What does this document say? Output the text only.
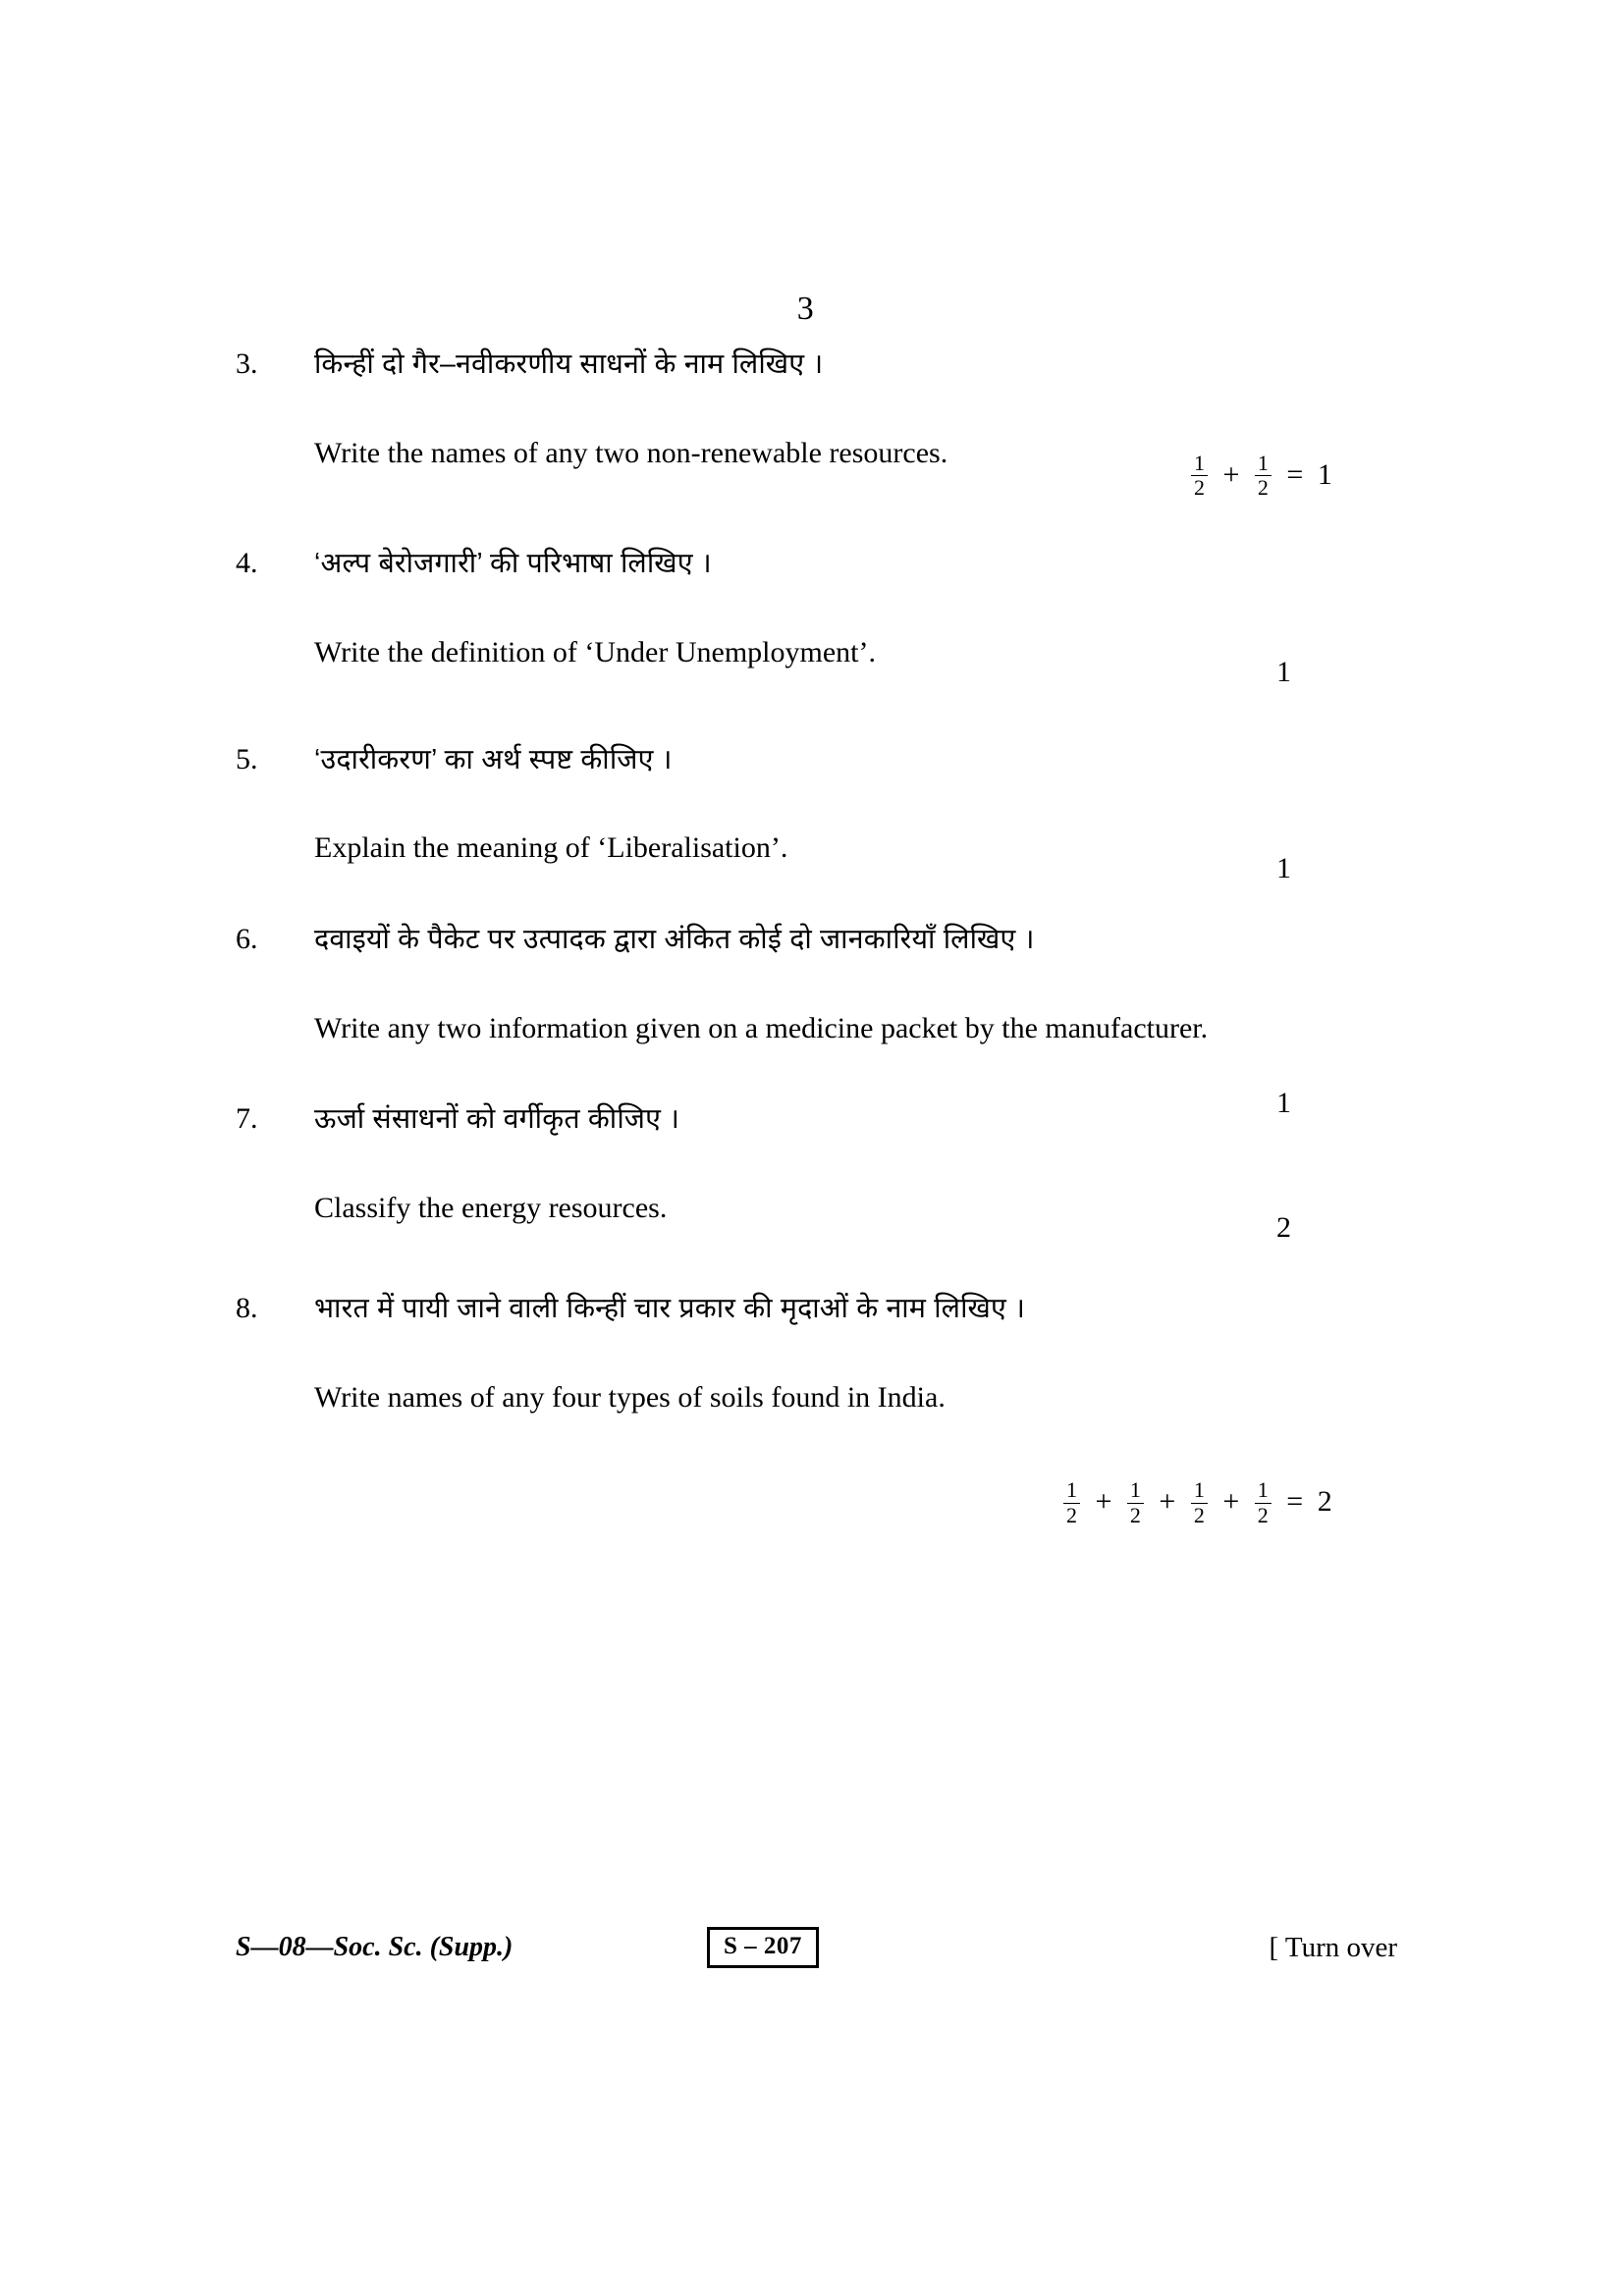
3
3.	किन्हीं दो गैर–नवीकरणीय साधनों के नाम लिखिए ।
Write the names of any two non-renewable resources.	$\frac{1}{2} + \frac{1}{2} = 1$
4.	‘अल्प बेरोजगारी’ की परिभाषा लिखिए ।
Write the definition of ‘Under Unemployment’.
1
5.	‘उदारीकरण’ का अर्थ स्पष्ट कीजिए ।
Explain the meaning of ‘Liberalisation’.
1
6.	दवाइयों के पैकेट पर उत्पादक द्वारा अंकित कोई दो जानकारियाँ लिखिए ।
Write any two information given on a medicine packet by the manufacturer.
1
7.	ऊर्जा संसाधनों को वर्गीकृत कीजिए ।
Classify the energy resources.
2
8.	भारत में पायी जाने वाली किन्हीं चार प्रकार की मृदाओं के नाम लिखिए ।
Write names of any four types of soils found in India.
$\frac{1}{2} + \frac{1}{2} + \frac{1}{2} + \frac{1}{2} = 2$
S—08—Soc. Sc. (Supp.)	S – 207	[ Turn over
